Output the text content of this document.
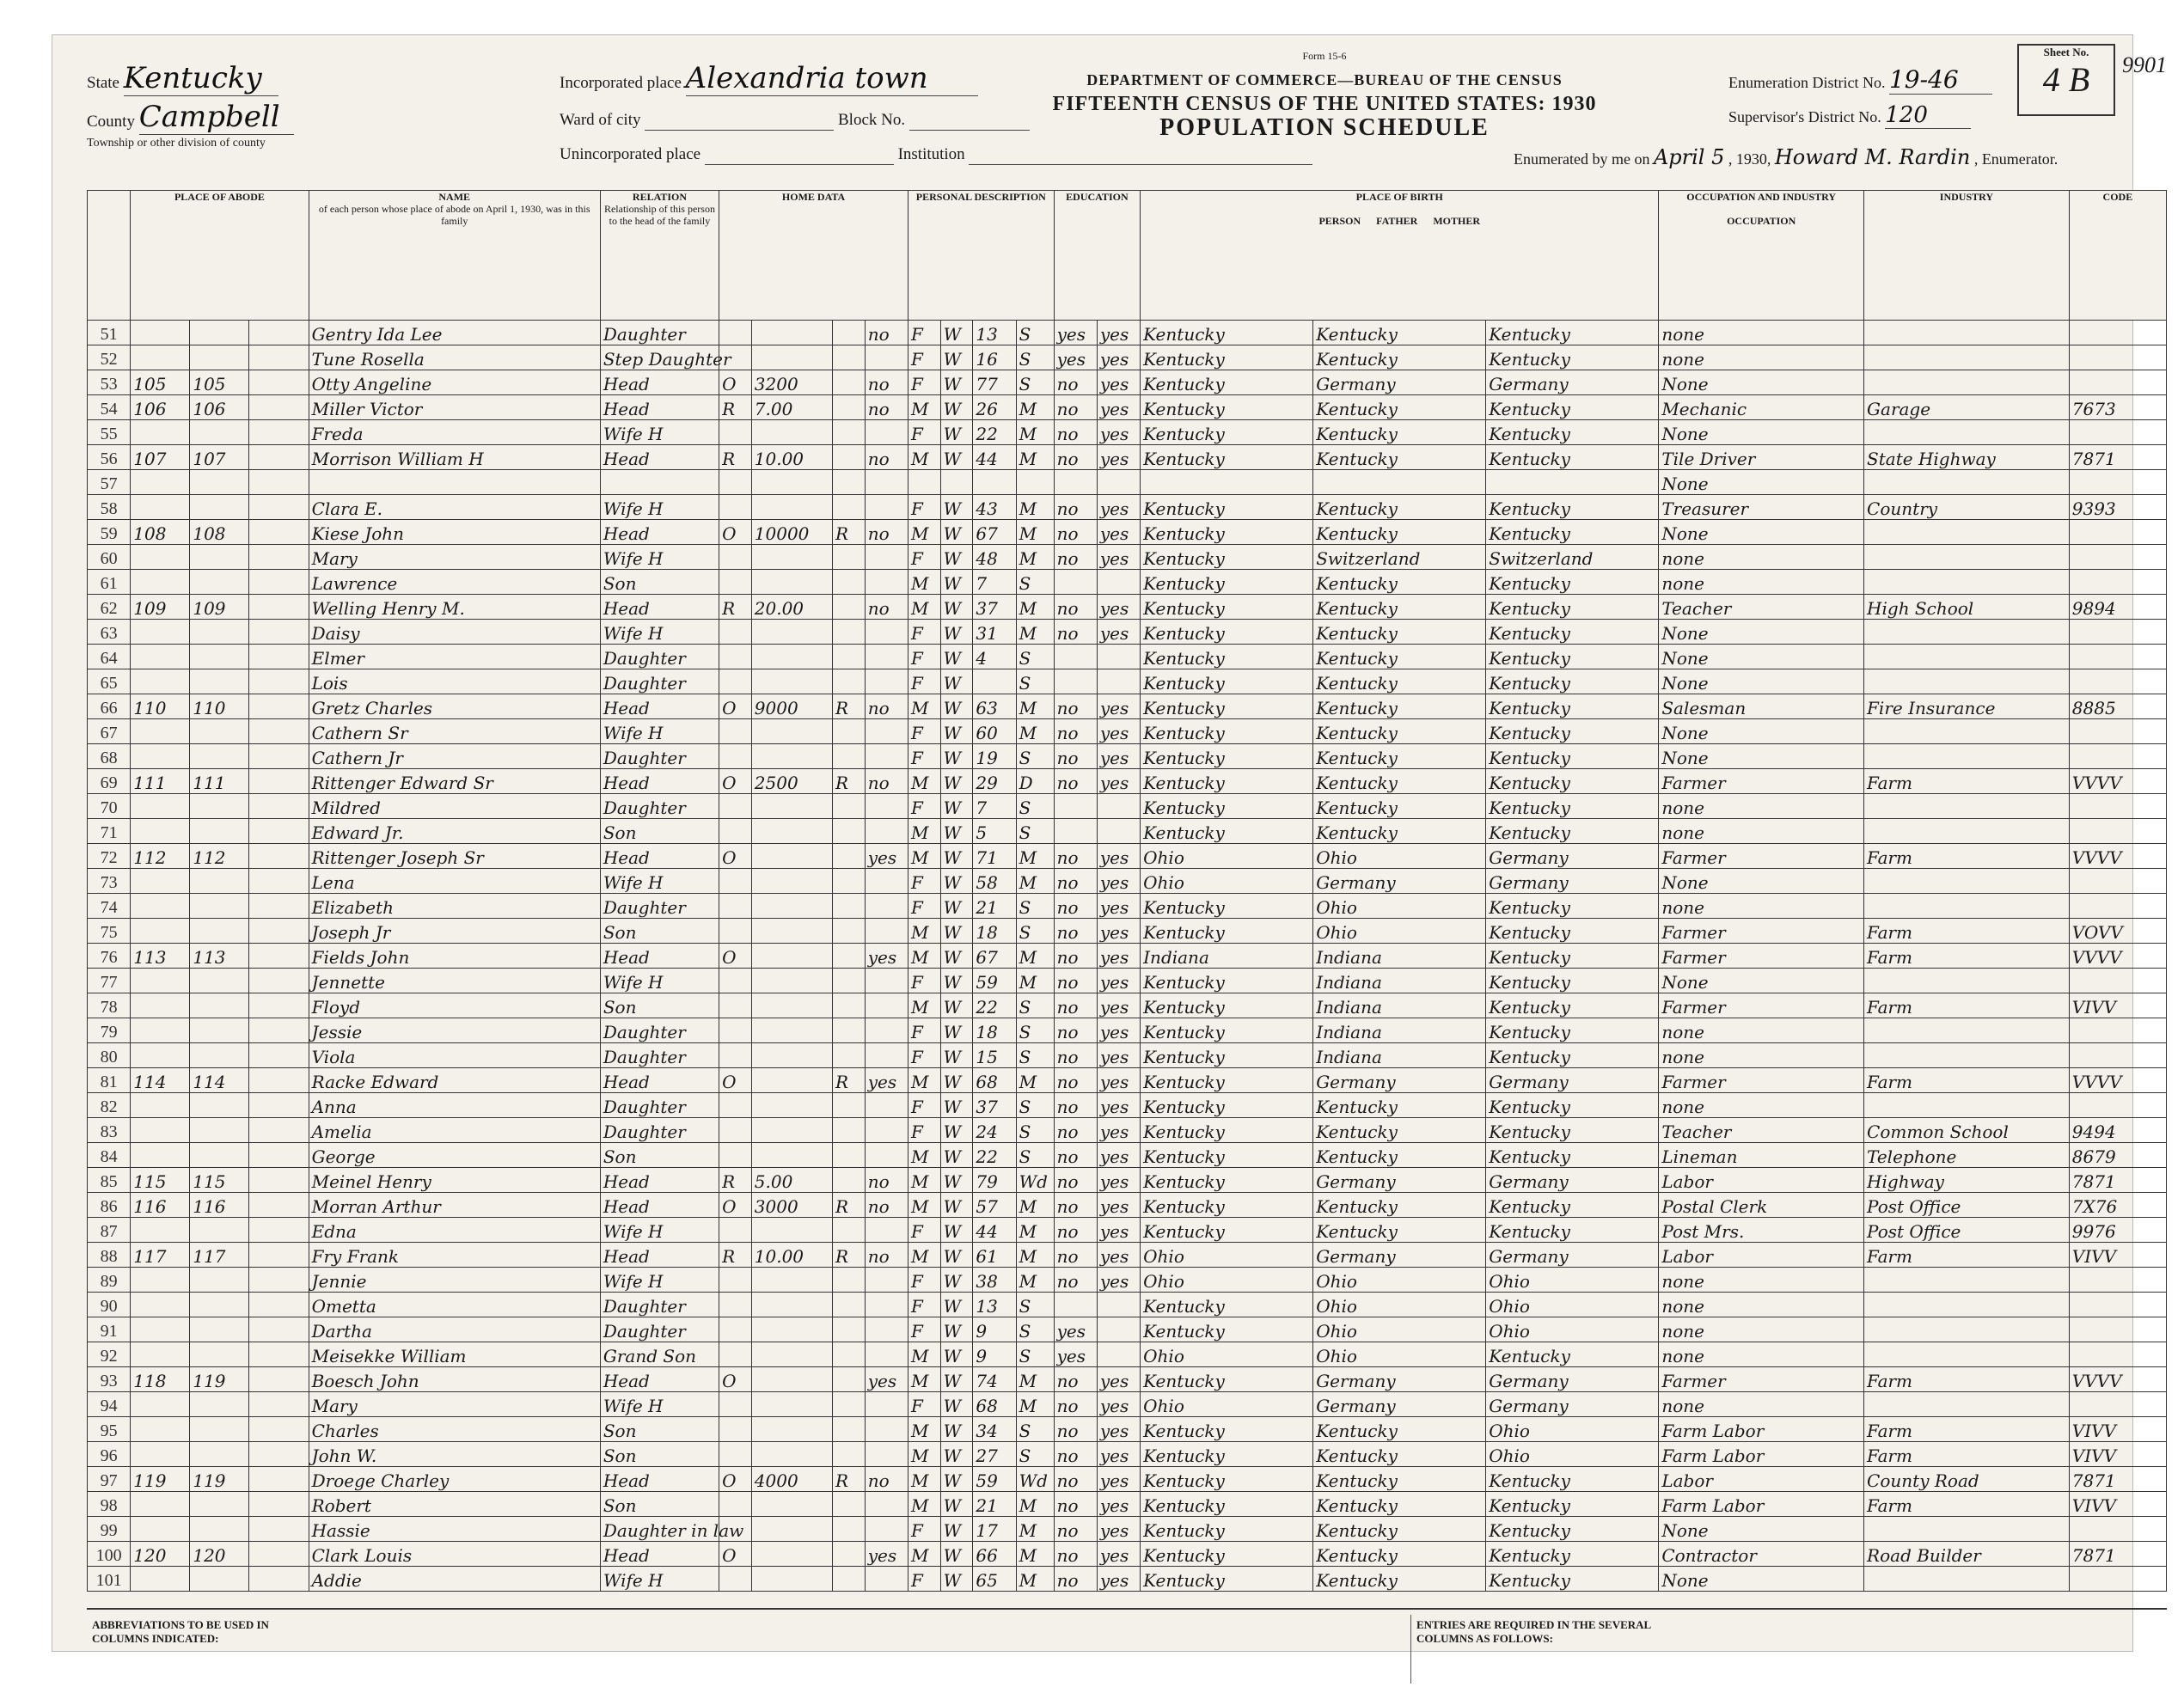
State Kentucky
County Campbell
Township or other division of county
Incorporated place Alexandria town
Ward of city	Block No.
Unincorporated place	Institution
Form 15-6
DEPARTMENT OF COMMERCE—BUREAU OF THE CENSUS
FIFTEENTH CENSUS OF THE UNITED STATES: 1930
POPULATION SCHEDULE
Enumeration District No. 19-46
Supervisor's District No. 120
Enumerated by me on April 5 , 1930, Howard M. Rardin , Enumerator.
Sheet No.
4 B	9901
	PLACE OF ABODE			NAME
of each person whose place of abode on April 1, 1930, was in this family	RELATION
Relationship of this person to the head of the family	HOME DATA				PERSONAL DESCRIPTION				EDUCATION		PLACE OF BIRTH

PERSON FATHER MOTHER			OCCUPATION AND INDUSTRY

OCCUPATION	INDUSTRY	CODE
51				Gentry Ida Lee	Daughter				no	F	W	13	S	yes	yes	Kentucky	Kentucky	Kentucky	none		
52				Tune Rosella	Step Daughter					F	W	16	S	yes	yes	Kentucky	Kentucky	Kentucky	none		
53	105	105		Otty Angeline	Head	O	3200		no	F	W	77	S	no	yes	Kentucky	Germany	Germany	None		
54	106	106		Miller Victor	Head	R	7.00		no	M	W	26	M	no	yes	Kentucky	Kentucky	Kentucky	Mechanic	Garage	7673
55				Freda	Wife H					F	W	22	M	no	yes	Kentucky	Kentucky	Kentucky	None		
56	107	107		Morrison William H	Head	R	10.00		no	M	W	44	M	no	yes	Kentucky	Kentucky	Kentucky	Tile Driver	State Highway	7871
57																			None		
58				Clara E.	Wife H					F	W	43	M	no	yes	Kentucky	Kentucky	Kentucky	Treasurer	Country	9393
59	108	108		Kiese John	Head	O	10000	R	no	M	W	67	M	no	yes	Kentucky	Kentucky	Kentucky	None		
60				Mary	Wife H					F	W	48	M	no	yes	Kentucky	Switzerland	Switzerland	none		
61				Lawrence	Son					M	W	7	S			Kentucky	Kentucky	Kentucky	none		
62	109	109		Welling Henry M.	Head	R	20.00		no	M	W	37	M	no	yes	Kentucky	Kentucky	Kentucky	Teacher	High School	9894
63				Daisy	Wife H					F	W	31	M	no	yes	Kentucky	Kentucky	Kentucky	None		
64				Elmer	Daughter					F	W	4	S			Kentucky	Kentucky	Kentucky	None		
65				Lois	Daughter					F	W		S			Kentucky	Kentucky	Kentucky	None		
66	110	110		Gretz Charles	Head	O	9000	R	no	M	W	63	M	no	yes	Kentucky	Kentucky	Kentucky	Salesman	Fire Insurance	8885
67				Cathern Sr	Wife H					F	W	60	M	no	yes	Kentucky	Kentucky	Kentucky	None		
68				Cathern Jr	Daughter					F	W	19	S	no	yes	Kentucky	Kentucky	Kentucky	None		
69	111	111		Rittenger Edward Sr	Head	O	2500	R	no	M	W	29	D	no	yes	Kentucky	Kentucky	Kentucky	Farmer	Farm	VVVV
70				Mildred	Daughter					F	W	7	S			Kentucky	Kentucky	Kentucky	none		
71				Edward Jr.	Son					M	W	5	S			Kentucky	Kentucky	Kentucky	none		
72	112	112		Rittenger Joseph Sr	Head	O			yes	M	W	71	M	no	yes	Ohio	Ohio	Germany	Farmer	Farm	VVVV
73				Lena	Wife H					F	W	58	M	no	yes	Ohio	Germany	Germany	None		
74				Elizabeth	Daughter					F	W	21	S	no	yes	Kentucky	Ohio	Kentucky	none		
75				Joseph Jr	Son					M	W	18	S	no	yes	Kentucky	Ohio	Kentucky	Farmer	Farm	VOVV
76	113	113		Fields John	Head	O			yes	M	W	67	M	no	yes	Indiana	Indiana	Kentucky	Farmer	Farm	VVVV
77				Jennette	Wife H					F	W	59	M	no	yes	Kentucky	Indiana	Kentucky	None		
78				Floyd	Son					M	W	22	S	no	yes	Kentucky	Indiana	Kentucky	Farmer	Farm	VIVV
79				Jessie	Daughter					F	W	18	S	no	yes	Kentucky	Indiana	Kentucky	none		
80				Viola	Daughter					F	W	15	S	no	yes	Kentucky	Indiana	Kentucky	none		
81	114	114		Racke Edward	Head	O		R	yes	M	W	68	M	no	yes	Kentucky	Germany	Germany	Farmer	Farm	VVVV
82				Anna	Daughter					F	W	37	S	no	yes	Kentucky	Kentucky	Kentucky	none		
83				Amelia	Daughter					F	W	24	S	no	yes	Kentucky	Kentucky	Kentucky	Teacher	Common School	9494
84				George	Son					M	W	22	S	no	yes	Kentucky	Kentucky	Kentucky	Lineman	Telephone	8679
85	115	115		Meinel Henry	Head	R	5.00		no	M	W	79	Wd	no	yes	Kentucky	Germany	Germany	Labor	Highway	7871
86	116	116		Morran Arthur	Head	O	3000	R	no	M	W	57	M	no	yes	Kentucky	Kentucky	Kentucky	Postal Clerk	Post Office	7X76
87				Edna	Wife H					F	W	44	M	no	yes	Kentucky	Kentucky	Kentucky	Post Mrs.	Post Office	9976
88	117	117		Fry Frank	Head	R	10.00	R	no	M	W	61	M	no	yes	Ohio	Germany	Germany	Labor	Farm	VIVV
89				Jennie	Wife H					F	W	38	M	no	yes	Ohio	Ohio	Ohio	none		
90				Ometta	Daughter					F	W	13	S			Kentucky	Ohio	Ohio	none		
91				Dartha	Daughter					F	W	9	S	yes		Kentucky	Ohio	Ohio	none		
92				Meisekke William	Grand Son					M	W	9	S	yes		Ohio	Ohio	Kentucky	none		
93	118	119		Boesch John	Head	O			yes	M	W	74	M	no	yes	Kentucky	Germany	Germany	Farmer	Farm	VVVV
94				Mary	Wife H					F	W	68	M	no	yes	Ohio	Germany	Germany	none		
95				Charles	Son					M	W	34	S	no	yes	Kentucky	Kentucky	Ohio	Farm Labor	Farm	VIVV
96				John W.	Son					M	W	27	S	no	yes	Kentucky	Kentucky	Ohio	Farm Labor	Farm	VIVV
97	119	119		Droege Charley	Head	O	4000	R	no	M	W	59	Wd	no	yes	Kentucky	Kentucky	Kentucky	Labor	County Road	7871
98				Robert	Son					M	W	21	M	no	yes	Kentucky	Kentucky	Kentucky	Farm Labor	Farm	VIVV
99				Hassie	Daughter in law					F	W	17	M	no	yes	Kentucky	Kentucky	Kentucky	None		
100	120	120		Clark Louis	Head	O			yes	M	W	66	M	no	yes	Kentucky	Kentucky	Kentucky	Contractor	Road Builder	7871
101				Addie	Wife H					F	W	65	M	no	yes	Kentucky	Kentucky	Kentucky	None		
ABBREVIATIONS TO BE USED IN COLUMNS INDICATED:
ENTRIES ARE REQUIRED IN THE SEVERAL COLUMNS AS FOLLOWS:
